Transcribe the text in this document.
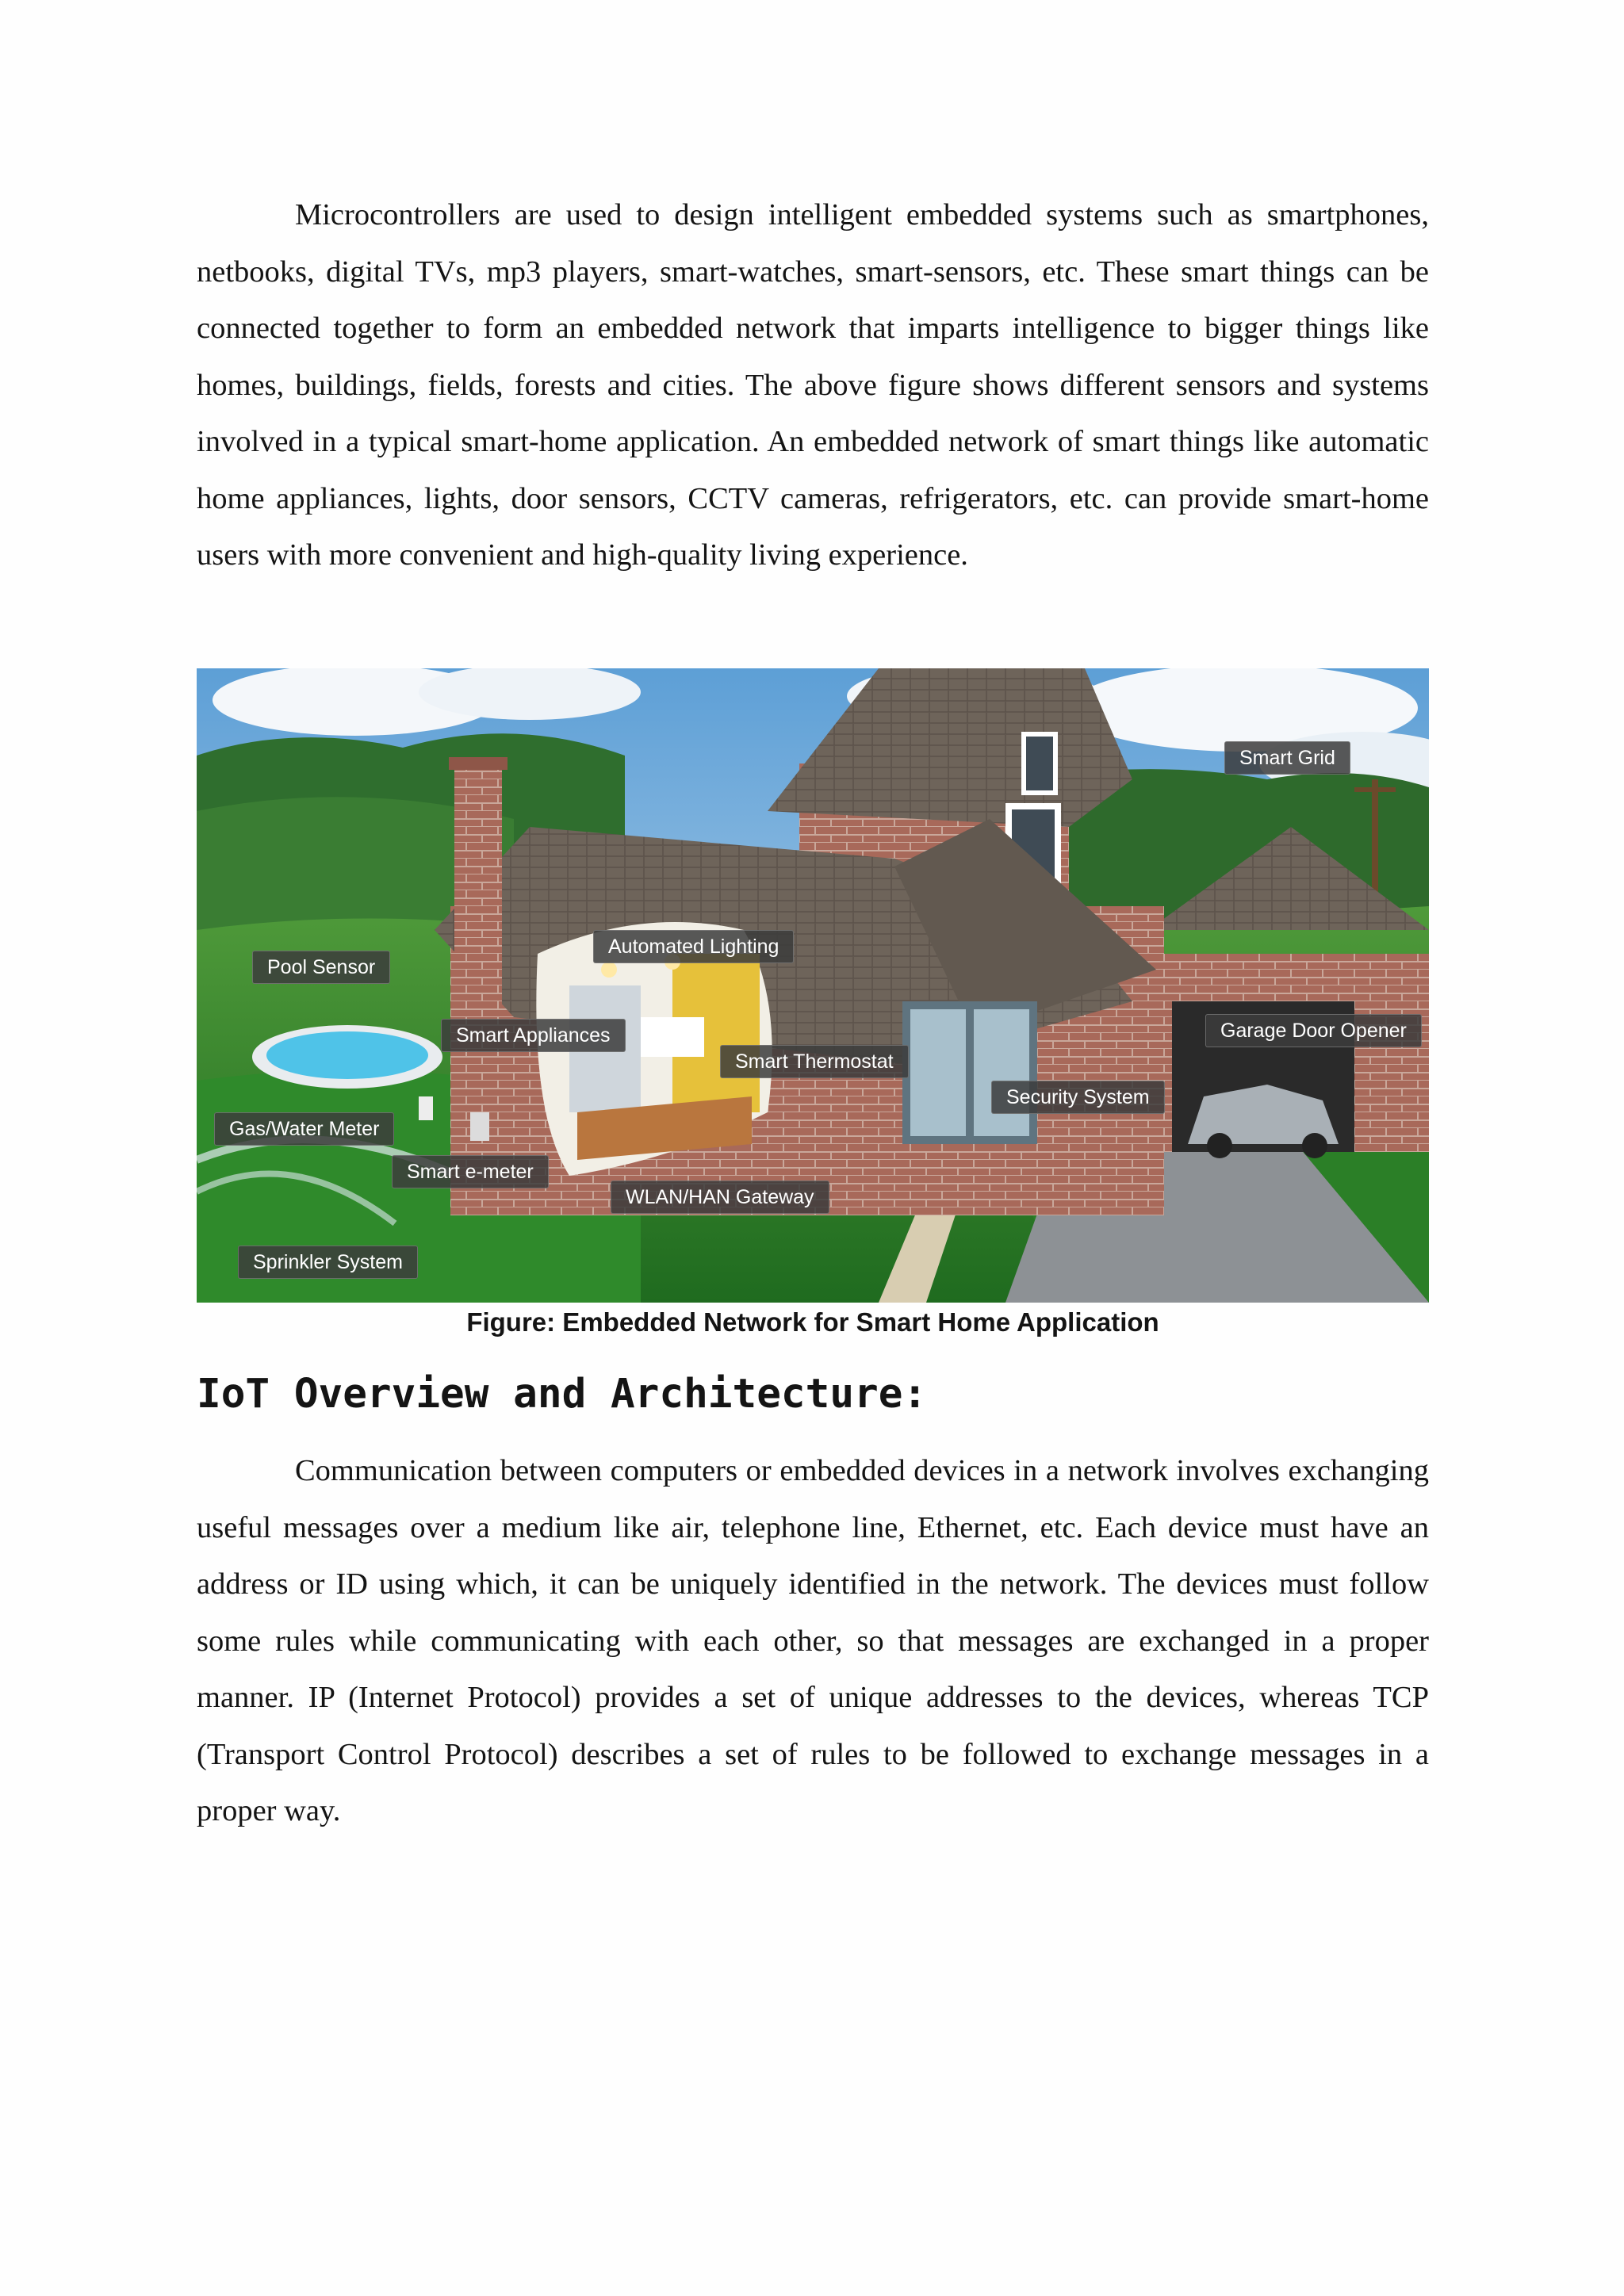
Microcontrollers are used to design intelligent embedded systems such as smartphones, netbooks, digital TVs, mp3 players, smart-watches, smart-sensors, etc. These smart things can be connected together to form an embedded network that imparts intelligence to bigger things like homes, buildings, fields, forests and cities. The above figure shows different sensors and systems involved in a typical smart-home application. An embedded network of smart things like automatic home appliances, lights, door sensors, CCTV cameras, refrigerators, etc. can provide smart-home users with more convenient and high-quality living experience.

Smart Grid
Automated Lighting
Pool Sensor
Smart Appliances
Smart Thermostat
Garage Door Opener
Security System
Gas/Water Meter
Smart e-meter
WLAN/HAN Gateway
Sprinkler System
Figure: Embedded Network for Smart Home Application
IoT Overview and Architecture:

Communication between computers or embedded devices in a network involves exchanging useful messages over a medium like air, telephone line, Ethernet, etc. Each device must have an address or ID using which, it can be uniquely identified in the network. The devices must follow some rules while communicating with each other, so that messages are exchanged in a proper manner. IP (Internet Protocol) provides a set of unique addresses to the devices, whereas TCP (Transport Control Protocol) describes a set of rules to be followed to exchange messages in a proper way.
